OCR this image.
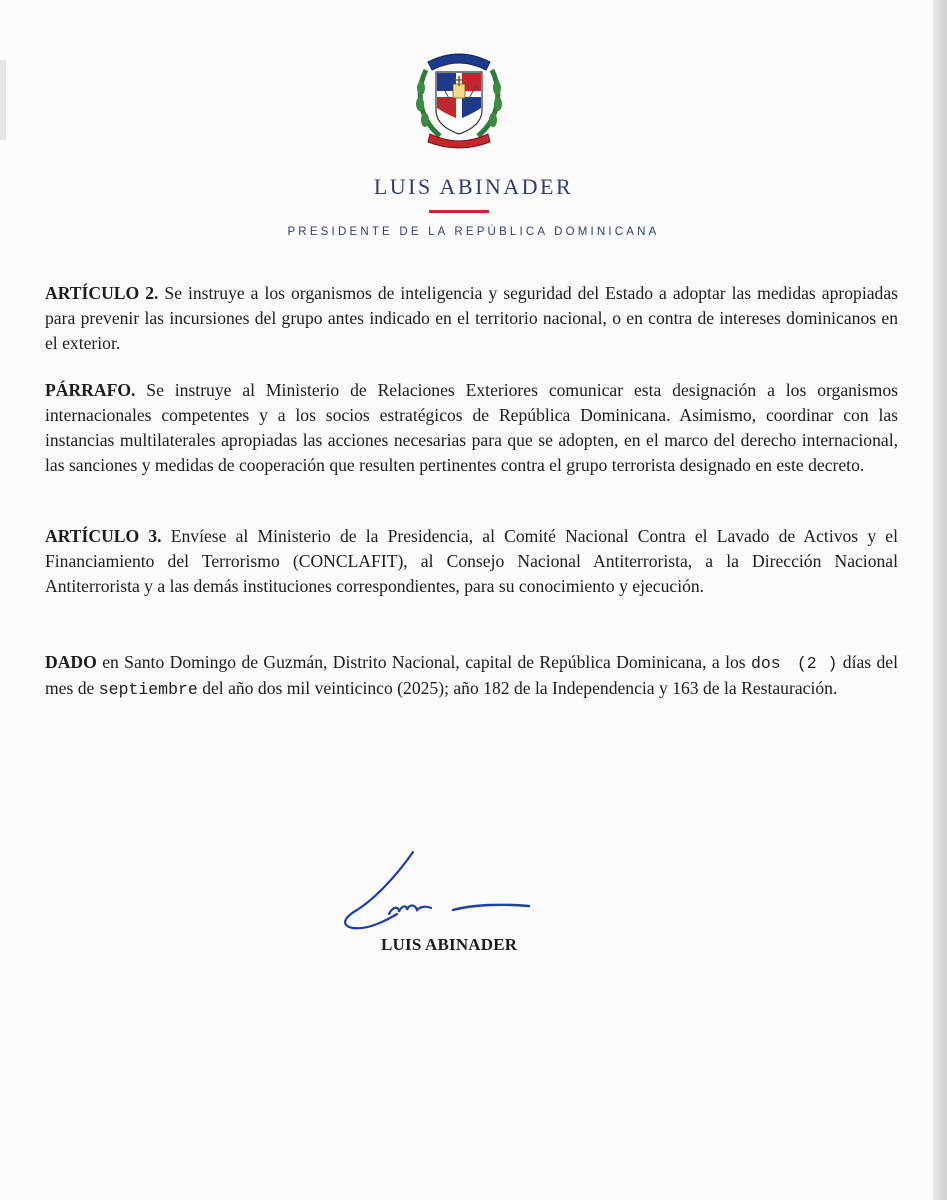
LUIS ABINADER
PRESIDENTE DE LA REPÚBLICA DOMINICANA
ARTÍCULO 2. Se instruye a los organismos de inteligencia y seguridad del Estado a adoptar las medidas apropiadas para prevenir las incursiones del grupo antes indicado en el territorio nacional, o en contra de intereses dominicanos en el exterior.
PÁRRAFO. Se instruye al Ministerio de Relaciones Exteriores comunicar esta designación a los organismos internacionales competentes y a los socios estratégicos de República Dominicana. Asimismo, coordinar con las instancias multilaterales apropiadas las acciones necesarias para que se adopten, en el marco del derecho internacional, las sanciones y medidas de cooperación que resulten pertinentes contra el grupo terrorista designado en este decreto.
ARTÍCULO 3. Envíese al Ministerio de la Presidencia, al Comité Nacional Contra el Lavado de Activos y el Financiamiento del Terrorismo (CONCLAFIT), al Consejo Nacional Antiterrorista, a la Dirección Nacional Antiterrorista y a las demás instituciones correspondientes, para su conocimiento y ejecución.
DADO en Santo Domingo de Guzmán, Distrito Nacional, capital de República Dominicana, a los dos (2 ) días del mes de septiembre del año dos mil veinticinco (2025); año 182 de la Independencia y 163 de la Restauración.
LUIS ABINADER
